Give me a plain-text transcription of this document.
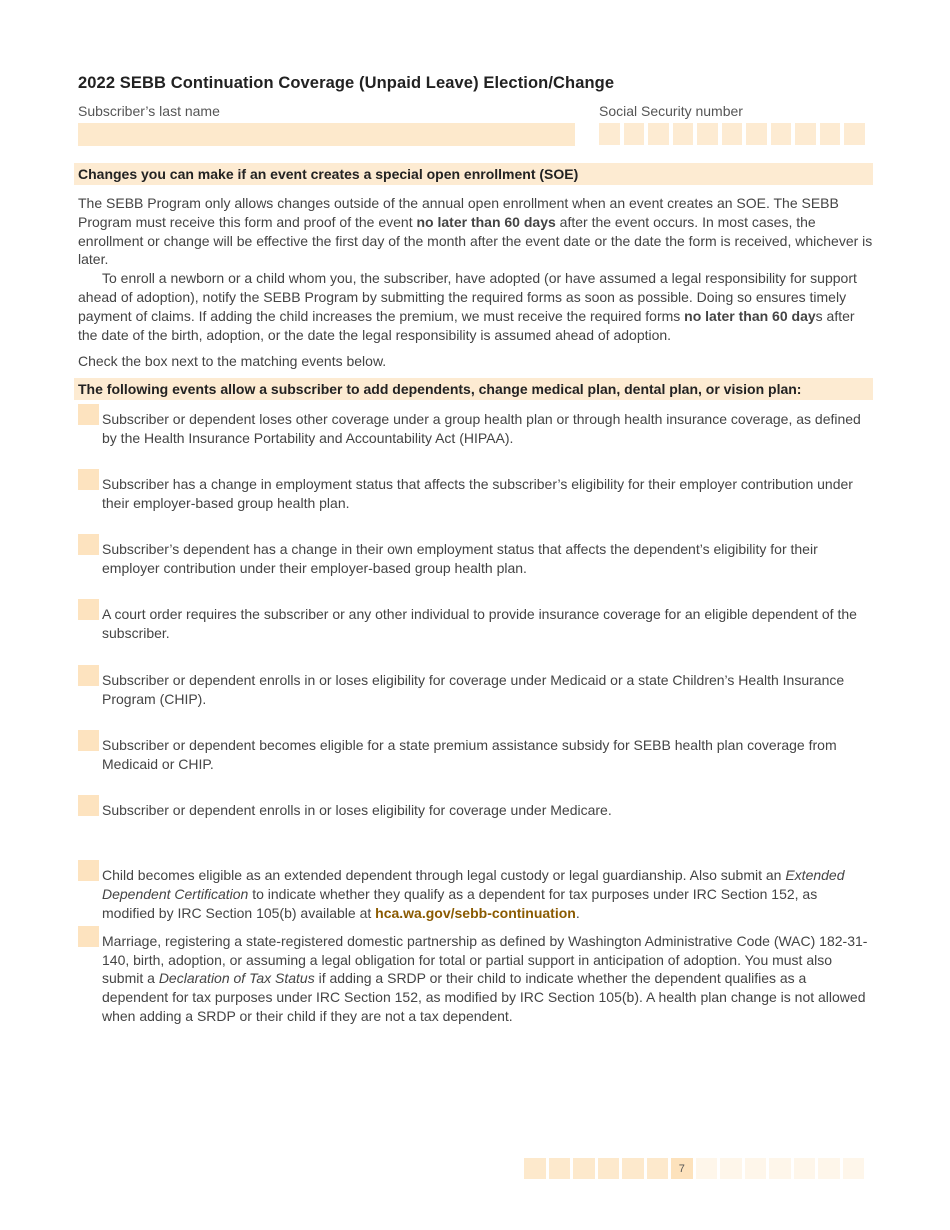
2022 SEBB Continuation Coverage (Unpaid Leave) Election/Change
Subscriber’s last name	Social Security number
Changes you can make if an event creates a special open enrollment (SOE)

The SEBB Program only allows changes outside of the annual open enrollment when an event creates an SOE. The SEBB Program must receive this form and proof of the event no later than 60 days after the event occurs. In most cases, the enrollment or change will be effective the first day of the month after the event date or the date the form is received, whichever is later.

To enroll a newborn or a child whom you, the subscriber, have adopted (or have assumed a legal responsibility for support ahead of adoption), notify the SEBB Program by submitting the required forms as soon as possible. Doing so ensures timely payment of claims. If adding the child increases the premium, we must receive the required forms no later than 60 days after the date of the birth, adoption, or the date the legal responsibility is assumed ahead of adoption.

Check the box next to the matching events below.
The following events allow a subscriber to add dependents, change medical plan, dental plan, or vision plan:
Subscriber or dependent loses other coverage under a group health plan or through health insurance coverage, as defined by the Health Insurance Portability and Accountability Act (HIPAA).
Subscriber has a change in employment status that affects the subscriber’s eligibility for their employer contribution under their employer-based group health plan.
Subscriber’s dependent has a change in their own employment status that affects the dependent’s eligibility for their employer contribution under their employer-based group health plan.
A court order requires the subscriber or any other individual to provide insurance coverage for an eligible dependent of the subscriber.
Subscriber or dependent enrolls in or loses eligibility for coverage under Medicaid or a state Children’s Health Insurance Program (CHIP).
Subscriber or dependent becomes eligible for a state premium assistance subsidy for SEBB health plan coverage from Medicaid or CHIP.
Subscriber or dependent enrolls in or loses eligibility for coverage under Medicare.
Child becomes eligible as an extended dependent through legal custody or legal guardianship. Also submit an Extended Dependent Certification to indicate whether they qualify as a dependent for tax purposes under IRC Section 152, as modified by IRC Section 105(b) available at hca.wa.gov/sebb-continuation.
Marriage, registering a state-registered domestic partnership as defined by Washington Administrative Code (WAC) 182-31-140, birth, adoption, or assuming a legal obligation for total or partial support in anticipation of adoption. You must also submit a Declaration of Tax Status if adding a SRDP or their child to indicate whether the dependent qualifies as a dependent for tax purposes under IRC Section 152, as modified by IRC Section 105(b). A health plan change is not allowed when adding a SRDP or their child if they are not a tax dependent.
7
